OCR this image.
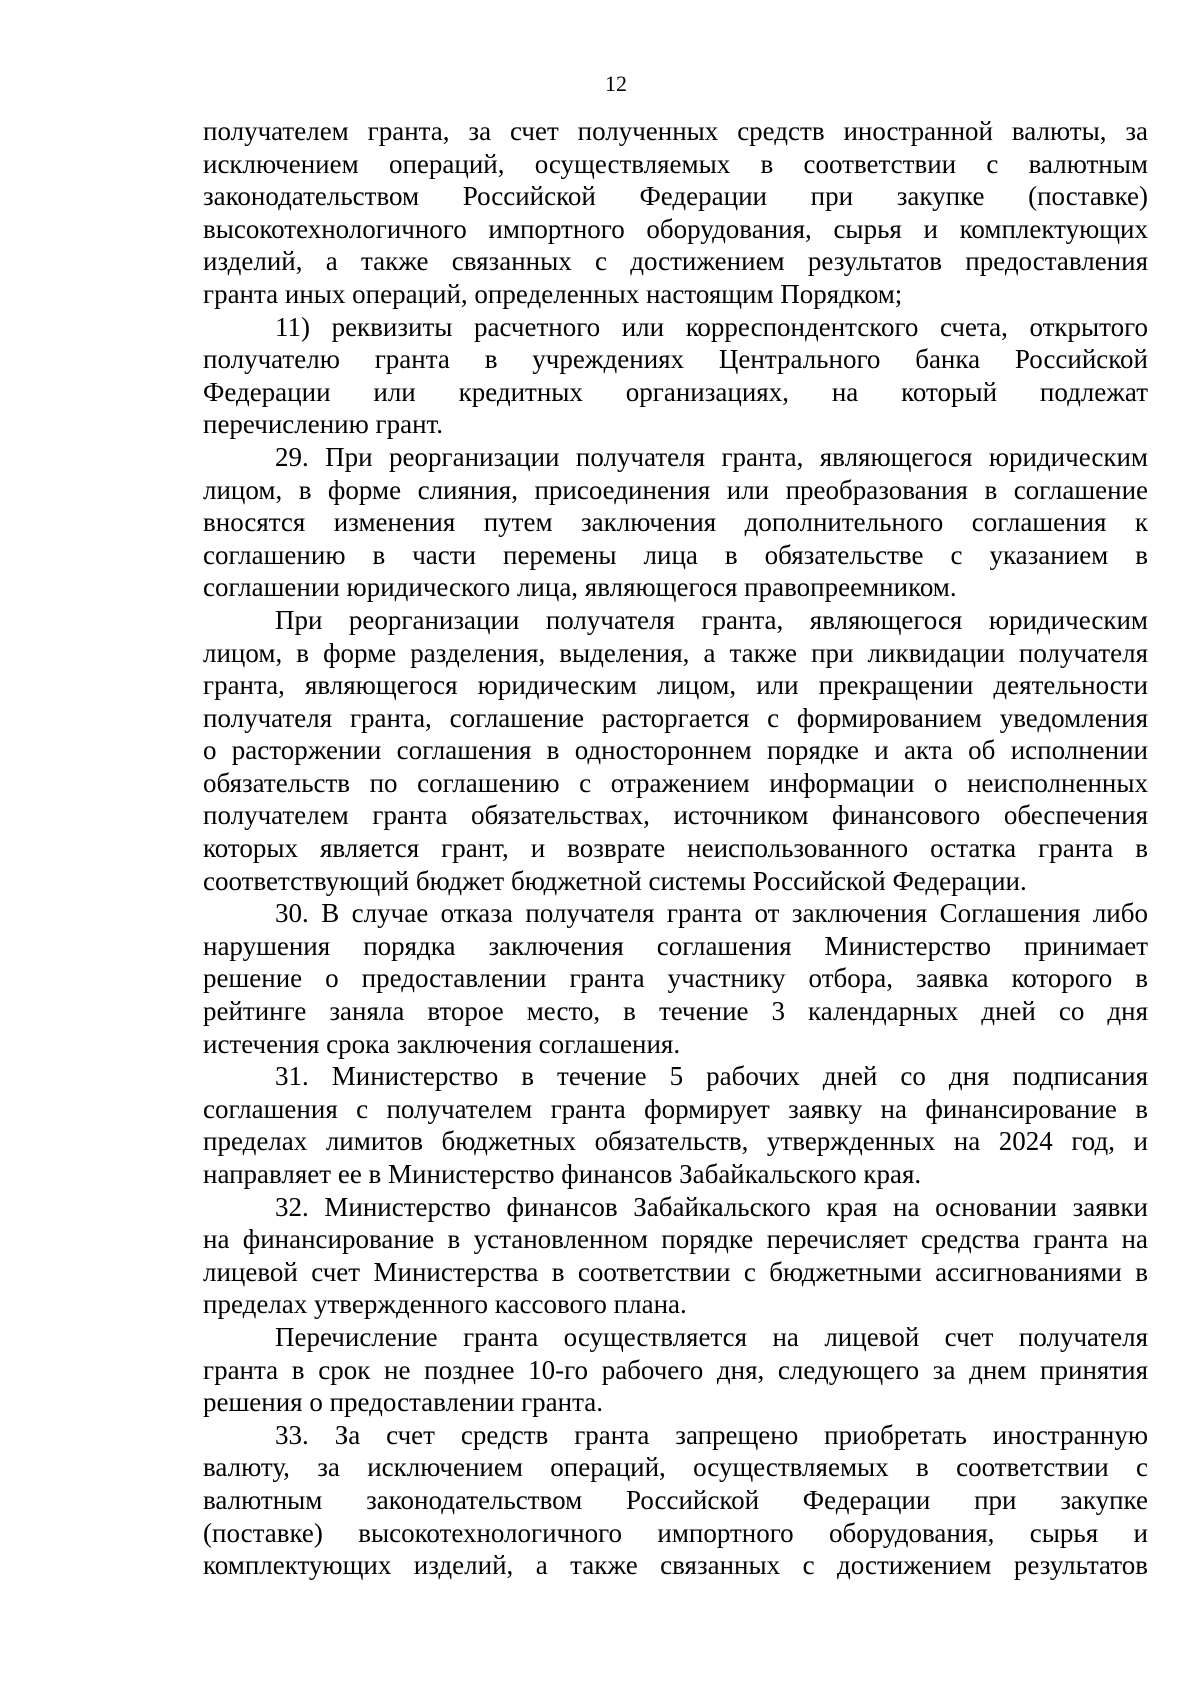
12
получателем гранта, за счет полученных средств иностранной валюты, за
исключением операций, осуществляемых в соответствии с валютным
законодательством Российской Федерации при закупке (поставке)
высокотехнологичного импортного оборудования, сырья и комплектующих
изделий, а также связанных с достижением результатов предоставления
гранта иных операций, определенных настоящим Порядком;
11) реквизиты расчетного или корреспондентского счета, открытого
получателю гранта в учреждениях Центрального банка Российской
Федерации или кредитных организациях, на который подлежат
перечислению грант.
29. При реорганизации получателя гранта, являющегося юридическим
лицом, в форме слияния, присоединения или преобразования в соглашение
вносятся изменения путем заключения дополнительного соглашения к
соглашению в части перемены лица в обязательстве с указанием в
соглашении юридического лица, являющегося правопреемником.
При реорганизации получателя гранта, являющегося юридическим
лицом, в форме разделения, выделения, а также при ликвидации получателя
гранта, являющегося юридическим лицом, или прекращении деятельности
получателя гранта, соглашение расторгается с формированием уведомления
о расторжении соглашения в одностороннем порядке и акта об исполнении
обязательств по соглашению с отражением информации о неисполненных
получателем гранта обязательствах, источником финансового обеспечения
которых является грант, и возврате неиспользованного остатка гранта в
соответствующий бюджет бюджетной системы Российской Федерации.
30. В случае отказа получателя гранта от заключения Соглашения либо
нарушения порядка заключения соглашения Министерство принимает
решение о предоставлении гранта участнику отбора, заявка которого в
рейтинге заняла второе место, в течение 3 календарных дней со дня
истечения срока заключения соглашения.
31. Министерство в течение 5 рабочих дней со дня подписания
соглашения с получателем гранта формирует заявку на финансирование в
пределах лимитов бюджетных обязательств, утвержденных на 2024 год, и
направляет ее в Министерство финансов Забайкальского края.
32. Министерство финансов Забайкальского края на основании заявки
на финансирование в установленном порядке перечисляет средства гранта на
лицевой счет Министерства в соответствии с бюджетными ассигнованиями в
пределах утвержденного кассового плана.
Перечисление гранта осуществляется на лицевой счет получателя
гранта в срок не позднее 10-го рабочего дня, следующего за днем принятия
решения о предоставлении гранта.
33. За счет средств гранта запрещено приобретать иностранную
валюту, за исключением операций, осуществляемых в соответствии с
валютным законодательством Российской Федерации при закупке
(поставке) высокотехнологичного импортного оборудования, сырья и
комплектующих изделий, а также связанных с достижением результатов
